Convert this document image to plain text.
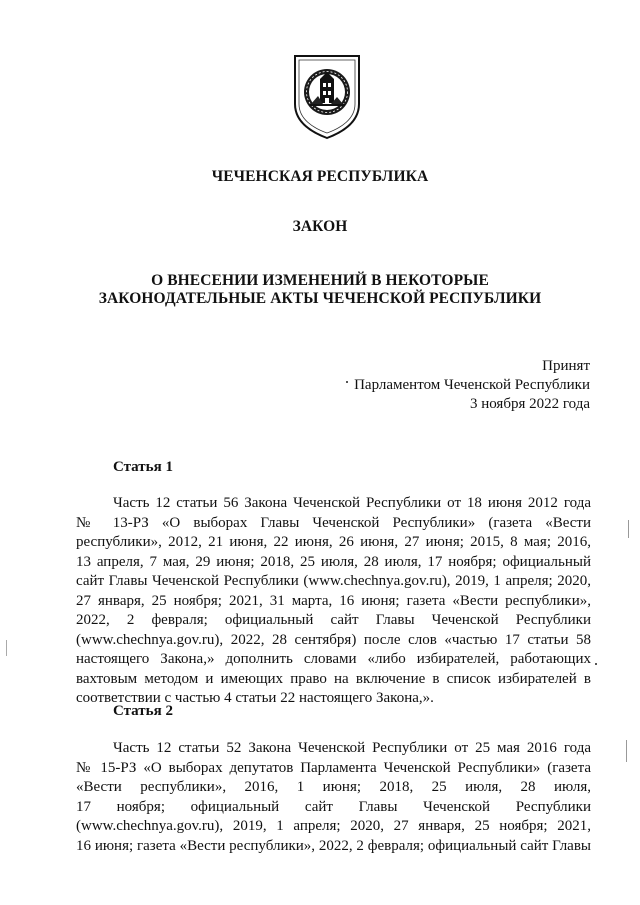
ЧЕЧЕНСКАЯ РЕСПУБЛИКА
ЗАКОН
О ВНЕСЕНИИ ИЗМЕНЕНИЙ В НЕКОТОРЫЕ
ЗАКОНОДАТЕЛЬНЫЕ АКТЫ ЧЕЧЕНСКОЙ РЕСПУБЛИКИ
Принят
Парламентом Чеченской Республики
3 ноября 2022 года
Статья 1
Часть 12 статьи 56 Закона Чеченской Республики от 18 июня 2012 года
№ 13-РЗ «О выборах Главы Чеченской Республики» (газета «Вести
республики», 2012, 21 июня, 22 июня, 26 июня, 27 июня; 2015, 8 мая; 2016,
13 апреля, 7 мая, 29 июня; 2018, 25 июля, 28 июля, 17 ноября; официальный
сайт Главы Чеченской Республики (www.chechnya.gov.ru), 2019, 1 апреля; 2020,
27 января, 25 ноября; 2021, 31 марта, 16 июня; газета «Вести республики»,
2022, 2 февраля; официальный сайт Главы Чеченской Республики
(www.chechnya.gov.ru), 2022, 28 сентября) после слов «частью 17 статьи 58
настоящего Закона,» дополнить словами «либо избирателей, работающих
вахтовым методом и имеющих право на включение в список избирателей в
соответствии с частью 4 статьи 22 настоящего Закона,».
Статья 2
Часть 12 статьи 52 Закона Чеченской Республики от 25 мая 2016 года
№ 15-РЗ «О выборах депутатов Парламента Чеченской Республики» (газета
«Вести республики», 2016, 1 июня; 2018, 25 июля, 28 июля,
17 ноября; официальный сайт Главы Чеченской Республики
(www.chechnya.gov.ru), 2019, 1 апреля; 2020, 27 января, 25 ноября; 2021,
16 июня; газета «Вести республики», 2022, 2 февраля; официальный сайт Главы
